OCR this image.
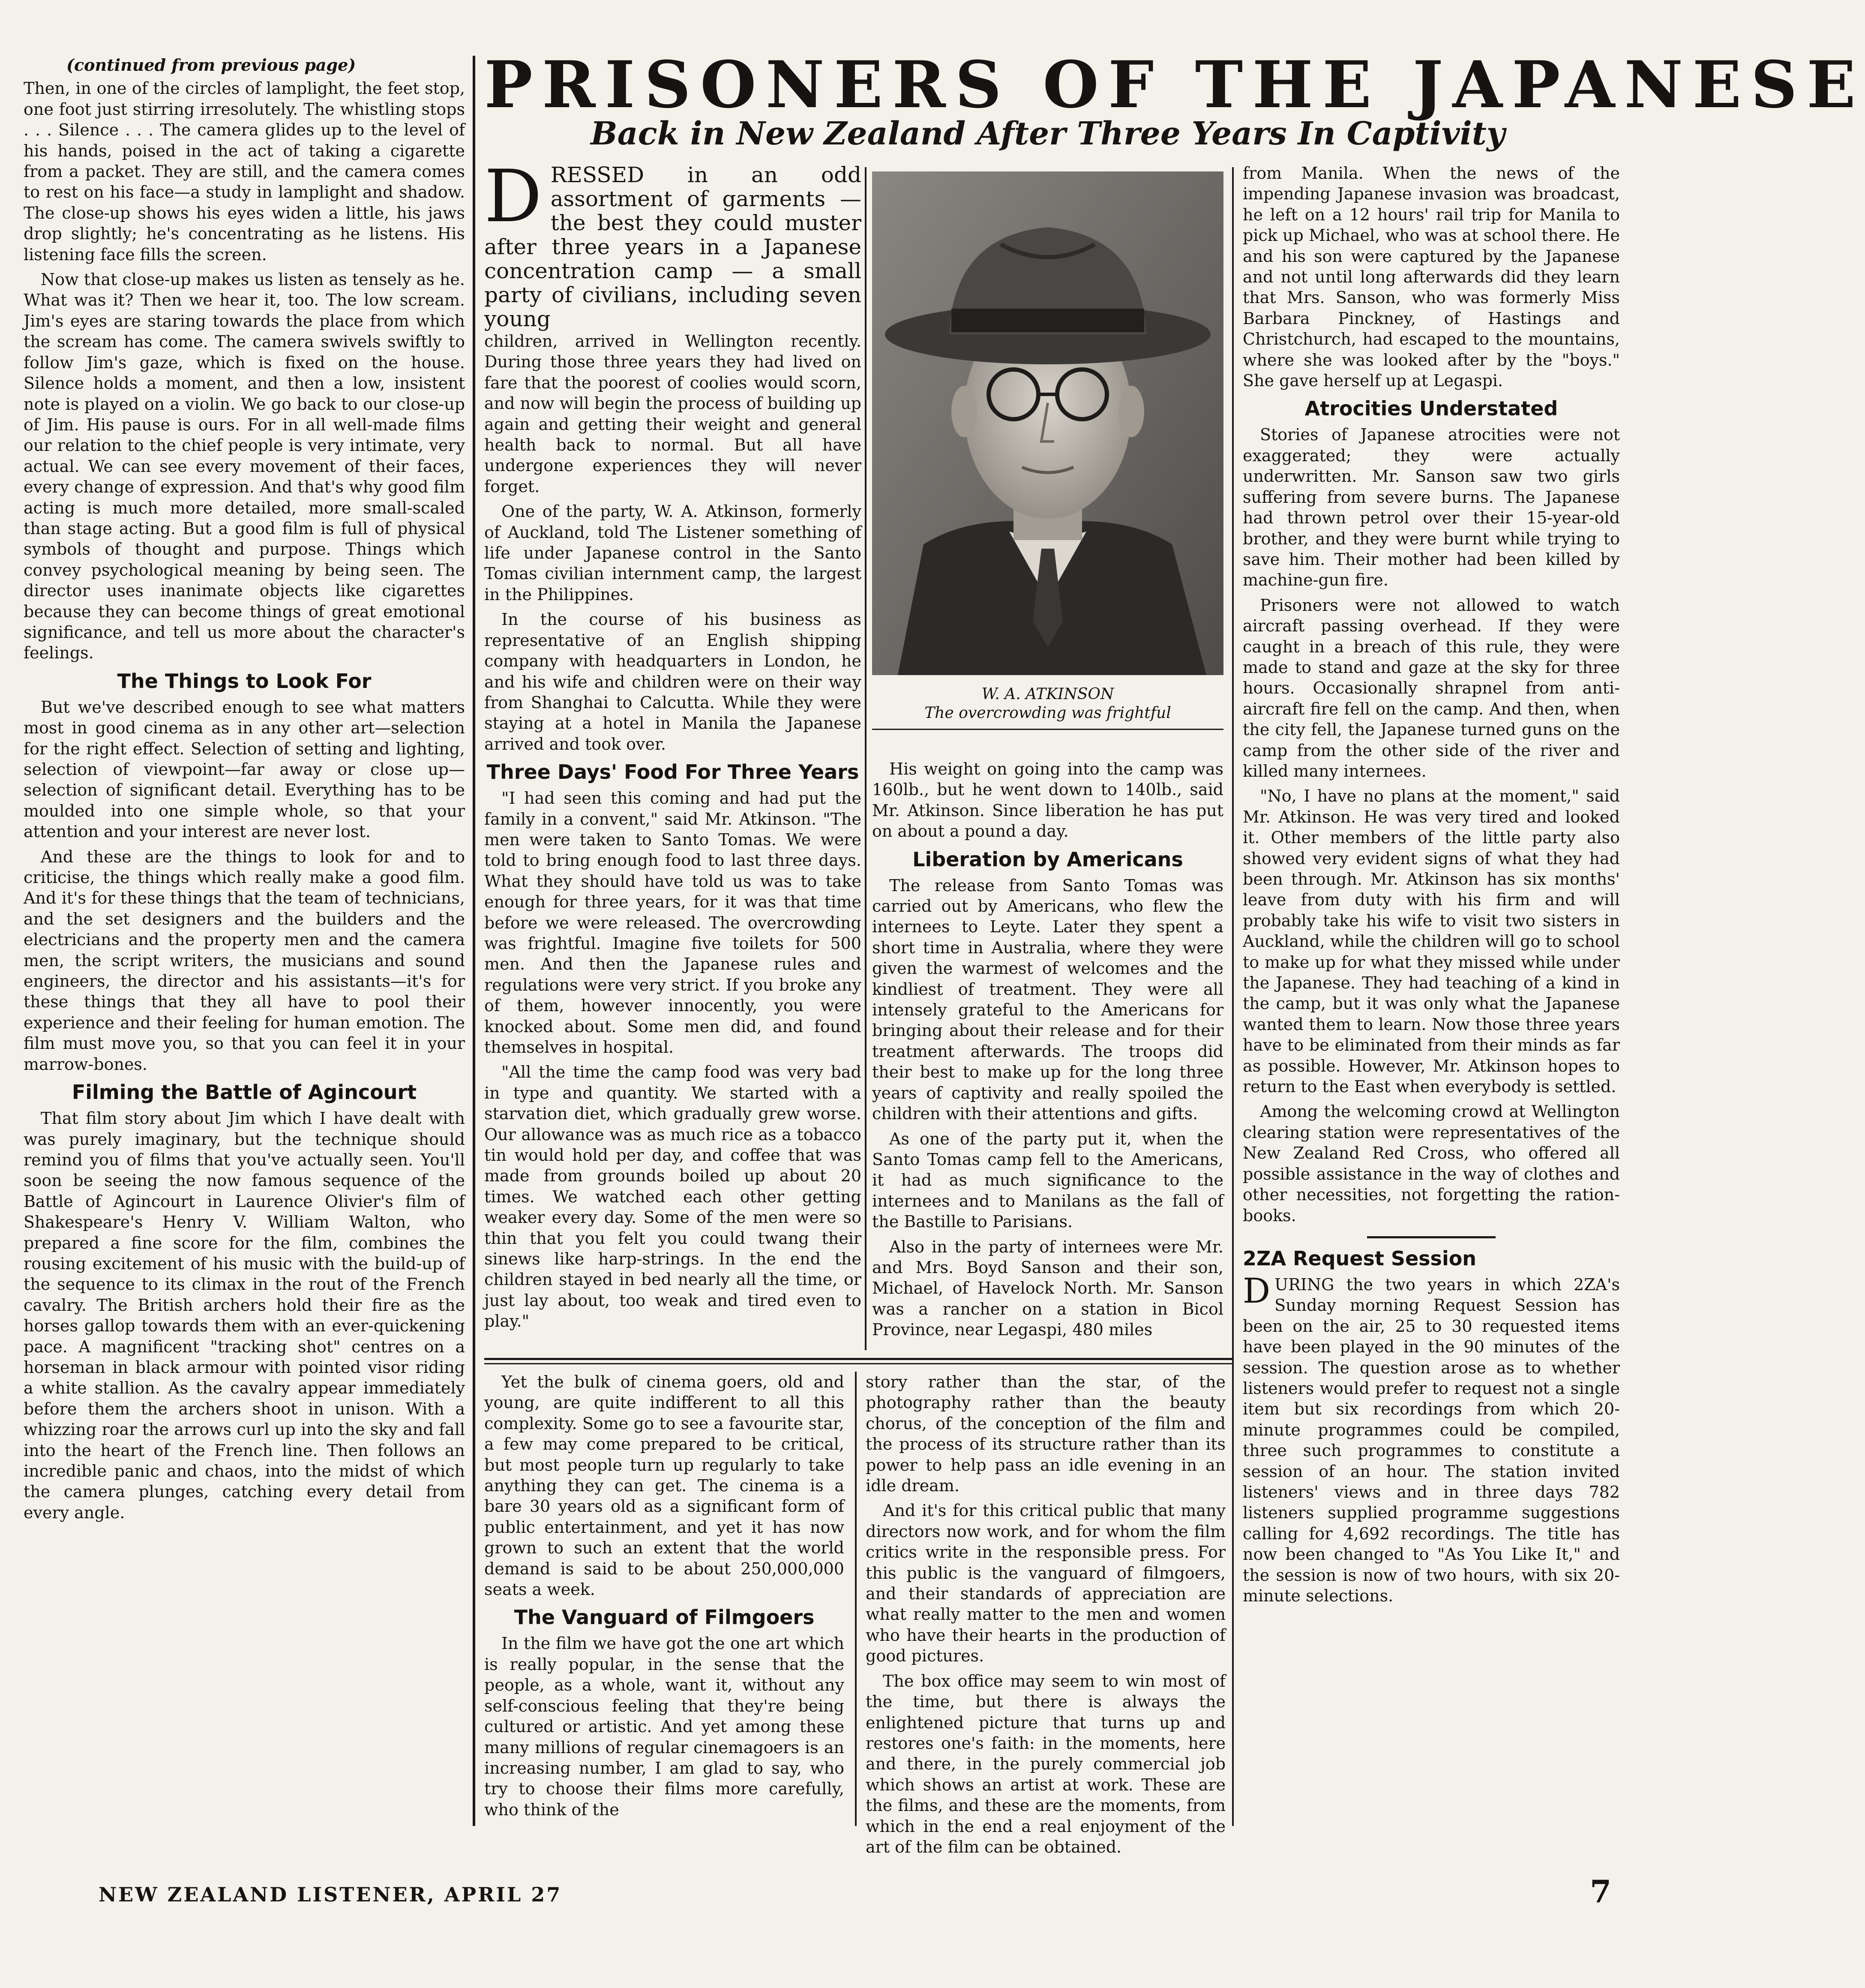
(continued from previous page)

Then, in one of the circles of lamplight, the feet stop, one foot just stirring irresolutely. The whistling stops . . . Silence . . . The camera glides up to the level of his hands, poised in the act of taking a cigarette from a packet. They are still, and the camera comes to rest on his face—a study in lamplight and shadow. The close-up shows his eyes widen a little, his jaws drop slightly; he's concentrating as he listens. His listening face fills the screen.

Now that close-up makes us listen as tensely as he. What was it? Then we hear it, too. The low scream. Jim's eyes are staring towards the place from which the scream has come. The camera swivels swiftly to follow Jim's gaze, which is fixed on the house. Silence holds a moment, and then a low, insistent note is played on a violin. We go back to our close-up of Jim. His pause is ours. For in all well-made films our relation to the chief people is very intimate, very actual. We can see every movement of their faces, every change of expression. And that's why good film acting is much more detailed, more small-scaled than stage acting. But a good film is full of physical symbols of thought and purpose. Things which convey psychological meaning by being seen. The director uses inanimate objects like cigarettes because they can become things of great emotional significance, and tell us more about the character's feelings.

The Things to Look For

But we've described enough to see what matters most in good cinema as in any other art—selection for the right effect. Selection of setting and lighting, selection of viewpoint—far away or close up—selection of significant detail. Everything has to be moulded into one simple whole, so that your attention and your interest are never lost.

And these are the things to look for and to criticise, the things which really make a good film. And it's for these things that the team of technicians, and the set designers and the builders and the electricians and the property men and the camera men, the script writers, the musicians and sound engineers, the director and his assistants—it's for these things that they all have to pool their experience and their feeling for human emotion. The film must move you, so that you can feel it in your marrow-bones.

Filming the Battle of Agincourt

That film story about Jim which I have dealt with was purely imaginary, but the technique should remind you of films that you've actually seen. You'll soon be seeing the now famous sequence of the Battle of Agincourt in Laurence Olivier's film of Shakespeare's Henry V. William Walton, who prepared a fine score for the film, combines the rousing excitement of his music with the build-up of the sequence to its climax in the rout of the French cavalry. The British archers hold their fire as the horses gallop towards them with an ever-quickening pace. A magnificent "tracking shot" centres on a horseman in black armour with pointed visor riding a white stallion. As the cavalry appear immediately before them the archers shoot in unison. With a whizzing roar the arrows curl up into the sky and fall into the heart of the French line. Then follows an incredible panic and chaos, into the midst of which the camera plunges, catching every detail from every angle.

PRISONERS OF THE JAPANESE
Back in New Zealand After Three Years In Captivity
D RESSED in an odd assortment of garments — the best they could muster after three years in a Japanese concentration camp — a small party of civilians, including seven young

children, arrived in Wellington recently. During those three years they had lived on fare that the poorest of coolies would scorn, and now will begin the process of building up again and getting their weight and general health back to normal. But all have undergone experiences they will never forget.

One of the party, W. A. Atkinson, formerly of Auckland, told The Listener something of life under Japanese control in the Santo Tomas civilian internment camp, the largest in the Philippines.

In the course of his business as representative of an English shipping company with headquarters in London, he and his wife and children were on their way from Shanghai to Calcutta. While they were staying at a hotel in Manila the Japanese arrived and took over.

Three Days' Food For Three Years

"I had seen this coming and had put the family in a convent," said Mr. Atkinson. "The men were taken to Santo Tomas. We were told to bring enough food to last three days. What they should have told us was to take enough for three years, for it was that time before we were released. The overcrowding was frightful. Imagine five toilets for 500 men. And then the Japanese rules and regulations were very strict. If you broke any of them, however innocently, you were knocked about. Some men did, and found themselves in hospital.

"All the time the camp food was very bad in type and quantity. We started with a starvation diet, which gradually grew worse. Our allowance was as much rice as a tobacco tin would hold per day, and coffee that was made from grounds boiled up about 20 times. We watched each other getting weaker every day. Some of the men were so thin that you felt you could twang their sinews like harp-strings. In the end the children stayed in bed nearly all the time, or just lay about, too weak and tired even to play."

W. A. ATKINSON
The overcrowding was frightful

His weight on going into the camp was 160lb., but he went down to 140lb., said Mr. Atkinson. Since liberation he has put on about a pound a day.

Liberation by Americans

The release from Santo Tomas was carried out by Americans, who flew the internees to Leyte. Later they spent a short time in Australia, where they were given the warmest of welcomes and the kindliest of treatment. They were all intensely grateful to the Americans for bringing about their release and for their treatment afterwards. The troops did their best to make up for the long three years of captivity and really spoiled the children with their attentions and gifts.

As one of the party put it, when the Santo Tomas camp fell to the Americans, it had as much significance to the internees and to Manilans as the fall of the Bastille to Parisians.

Also in the party of internees were Mr. and Mrs. Boyd Sanson and their son, Michael, of Havelock North. Mr. Sanson was a rancher on a station in Bicol Province, near Legaspi, 480 miles

from Manila. When the news of the impending Japanese invasion was broadcast, he left on a 12 hours' rail trip for Manila to pick up Michael, who was at school there. He and his son were captured by the Japanese and not until long afterwards did they learn that Mrs. Sanson, who was formerly Miss Barbara Pinckney, of Hastings and Christchurch, had escaped to the mountains, where she was looked after by the "boys." She gave herself up at Legaspi.

Atrocities Understated

Stories of Japanese atrocities were not exaggerated; they were actually underwritten. Mr. Sanson saw two girls suffering from severe burns. The Japanese had thrown petrol over their 15-year-old brother, and they were burnt while trying to save him. Their mother had been killed by machine-gun fire.

Prisoners were not allowed to watch aircraft passing overhead. If they were caught in a breach of this rule, they were made to stand and gaze at the sky for three hours. Occasionally shrapnel from anti-aircraft fire fell on the camp. And then, when the city fell, the Japanese turned guns on the camp from the other side of the river and killed many internees.

"No, I have no plans at the moment," said Mr. Atkinson. He was very tired and looked it. Other members of the little party also showed very evident signs of what they had been through. Mr. Atkinson has six months' leave from duty with his firm and will probably take his wife to visit two sisters in Auckland, while the children will go to school to make up for what they missed while under the Japanese. They had teaching of a kind in the camp, but it was only what the Japanese wanted them to learn. Now those three years have to be eliminated from their minds as far as possible. However, Mr. Atkinson hopes to return to the East when everybody is settled.

Among the welcoming crowd at Wellington clearing station were representatives of the New Zealand Red Cross, who offered all possible assistance in the way of clothes and other necessities, not forgetting the ration-books.

2ZA Request Session

D URING the two years in which 2ZA's Sunday morning Request Session has been on the air, 25 to 30 requested items have been played in the 90 minutes of the session. The question arose as to whether listeners would prefer to request not a single item but six recordings from which 20-minute programmes could be compiled, three such programmes to constitute a session of an hour. The station invited listeners' views and in three days 782 listeners supplied programme suggestions calling for 4,692 recordings. The title has now been changed to "As You Like It," and the session is now of two hours, with six 20-minute selections.

Yet the bulk of cinema goers, old and young, are quite indifferent to all this complexity. Some go to see a favourite star, a few may come prepared to be critical, but most people turn up regularly to take anything they can get. The cinema is a bare 30 years old as a significant form of public entertainment, and yet it has now grown to such an extent that the world demand is said to be about 250,000,000 seats a week.

The Vanguard of Filmgoers

In the film we have got the one art which is really popular, in the sense that the people, as a whole, want it, without any self-conscious feeling that they're being cultured or artistic. And yet among these many millions of regular cinemagoers is an increasing number, I am glad to say, who try to choose their films more carefully, who think of the

story rather than the star, of the photography rather than the beauty chorus, of the conception of the film and the process of its structure rather than its power to help pass an idle evening in an idle dream.

And it's for this critical public that many directors now work, and for whom the film critics write in the responsible press. For this public is the vanguard of filmgoers, and their standards of appreciation are what really matter to the men and women who have their hearts in the production of good pictures.

The box office may seem to win most of the time, but there is always the enlightened picture that turns up and restores one's faith: in the moments, here and there, in the purely commercial job which shows an artist at work. These are the films, and these are the moments, from which in the end a real enjoyment of the art of the film can be obtained.

NEW ZEALAND LISTENER, APRIL 27	7
